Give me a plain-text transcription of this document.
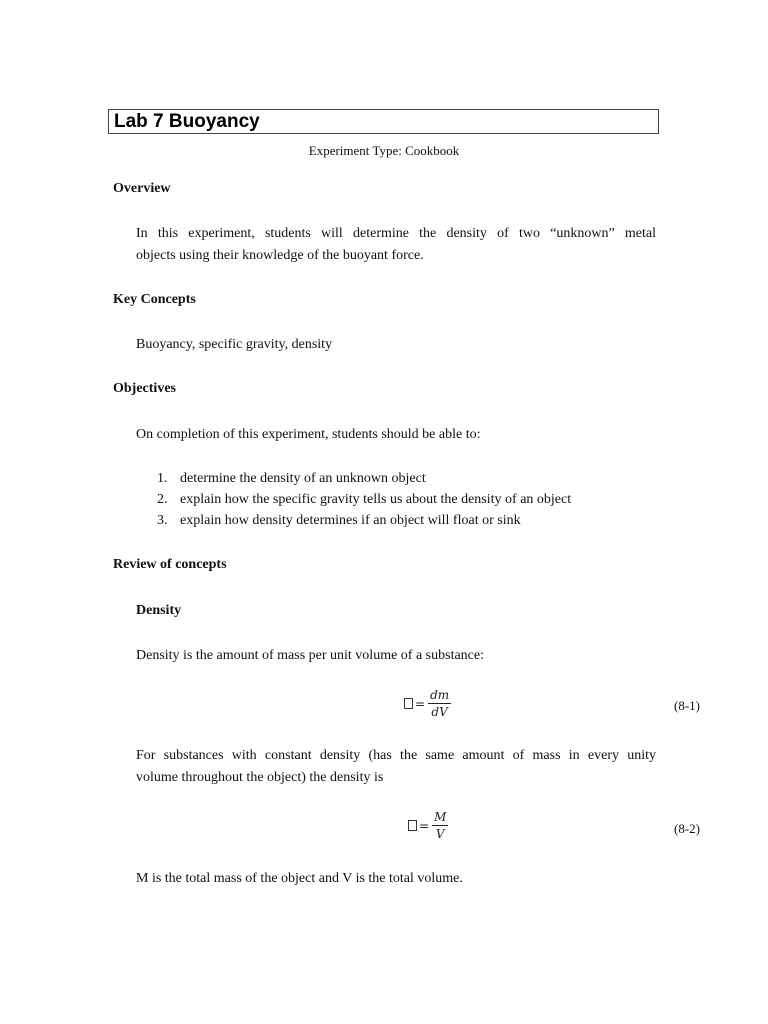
Lab 7 Buoyancy
Experiment Type: Cookbook
Overview
In this experiment, students will determine the density of two “unknown” metal
objects using their knowledge of the buoyant force.
Key Concepts
Buoyancy, specific gravity, density
Objectives
On completion of this experiment, students should be able to:
1. determine the density of an unknown object
2. explain how the specific gravity tells us about the density of an object
3. explain how density determines if an object will float or sink
Review of concepts
Density
Density is the amount of mass per unit volume of a substance:
= $\frac{dm}{dV}$	(8-1)
For substances with constant density (has the same amount of mass in every unity
volume throughout the object) the density is
= $\frac{M}{V}$	(8-2)
M is the total mass of the object and V is the total volume.
